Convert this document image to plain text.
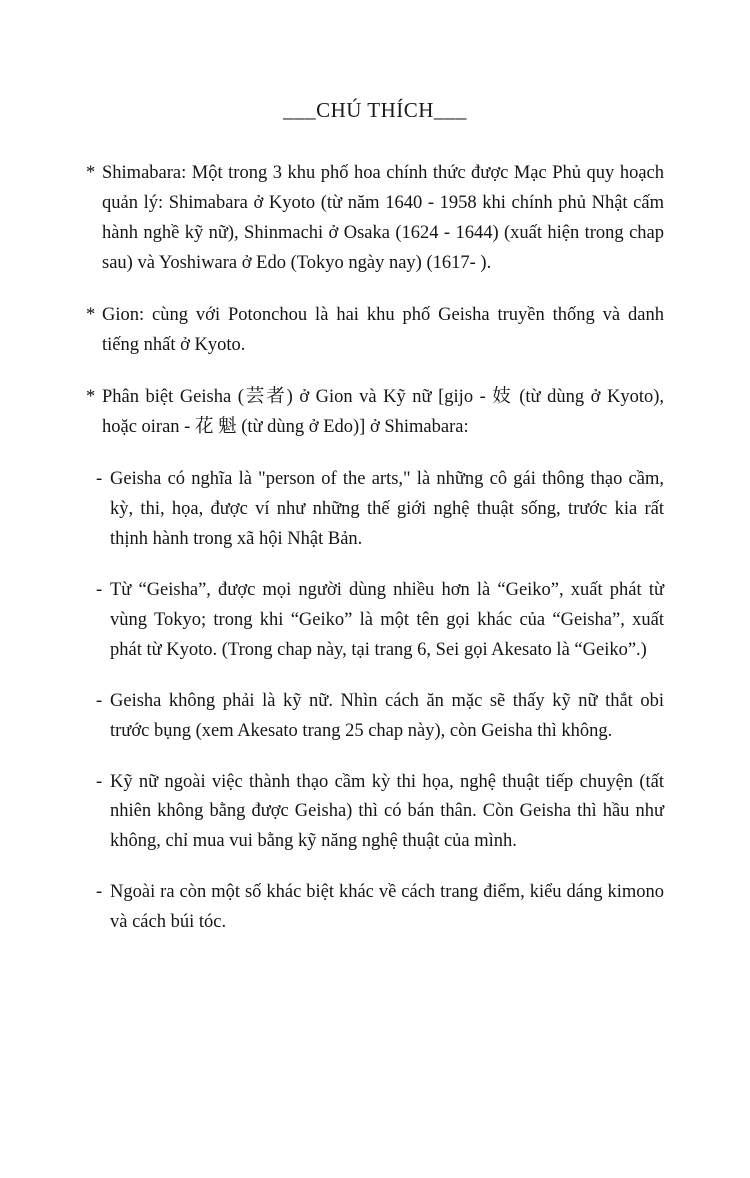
___CHÚ THÍCH___
* Shimabara: Một trong 3 khu phố hoa chính thức được Mạc Phủ quy hoạch quản lý: Shimabara ở Kyoto (từ năm 1640 - 1958 khi chính phủ Nhật cấm hành nghề kỹ nữ), Shinmachi ở Osaka (1624 - 1644) (xuất hiện trong chap sau) và Yoshiwara ở Edo (Tokyo ngày nay) (1617- ).
* Gion: cùng với Potonchou là hai khu phố Geisha truyền thống và danh tiếng nhất ở Kyoto.
* Phân biệt Geisha (芸者) ở Gion và Kỹ nữ [gijo - 妓 (từ dùng ở Kyoto), hoặc oiran - 花 魁 (từ dùng ở Edo)] ở Shimabara:
- Geisha có nghĩa là "person of the arts," là những cô gái thông thạo cầm, kỳ, thi, họa, được ví như những thế giới nghệ thuật sống, trước kia rất thịnh hành trong xã hội Nhật Bản.
- Từ “Geisha”, được mọi người dùng nhiều hơn là “Geiko”, xuất phát từ vùng Tokyo; trong khi “Geiko” là một tên gọi khác của “Geisha”, xuất phát từ Kyoto. (Trong chap này, tại trang 6, Sei gọi Akesato là “Geiko”.)
- Geisha không phải là kỹ nữ. Nhìn cách ăn mặc sẽ thấy kỹ nữ thắt obi trước bụng (xem Akesato trang 25 chap này), còn Geisha thì không.
- Kỹ nữ ngoài việc thành thạo cầm kỳ thi họa, nghệ thuật tiếp chuyện (tất nhiên không bằng được Geisha) thì có bán thân. Còn Geisha thì hầu như không, chỉ mua vui bằng kỹ năng nghệ thuật của mình.
- Ngoài ra còn một số khác biệt khác về cách trang điểm, kiểu dáng kimono và cách búi tóc.
